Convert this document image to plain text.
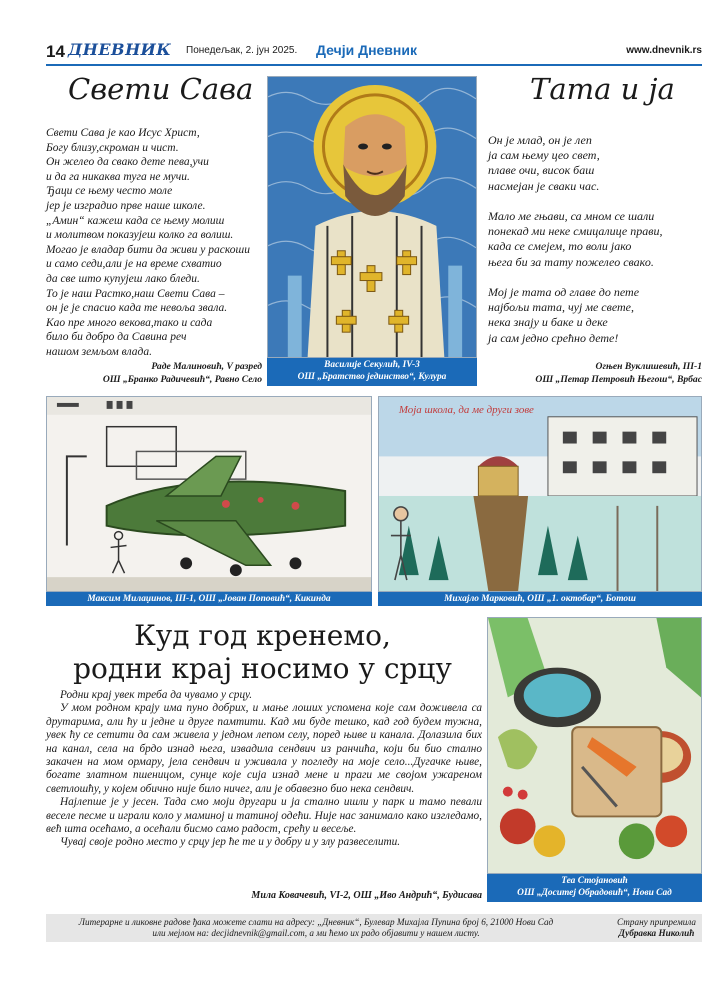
14 ДНЕВНИК Понедељак, 2. јун 2025. Дечји Дневник	www.dnevnik.rs
Свети Сава
Свети Сава је као Исус Христ,
Богу близу,скроман и чист.
Он желео да свако дете пева,учи
и да га никаква туга не мучи.
Ђаци се њему често моле
јер је изградио прве наше школе.
„Амин“ кажеш када се њему молиш
и молитвом показујеш колко га волиш.
Могао је владар бити да живи у раскоши
и само седи,али је на време схватио
да све што купујеш лако бледи.
То је наш Растко,наш Свети Сава –
он је је спасио када те невоља звала.
Као пре много векова,тако и сада
било би добро да Савина реч
нашом земљом влада.
Раде Малиновић, V разред
ОШ „Бранко Радичевић“, Равно Село
Василије Секулић, IV-3
ОШ „Братство јединство“, Кулура
Тата и ја
Он је млад, он је леп
ја сам њему цео свет,
плаве очи, висок баш
насмејан је сваки час.

Мало ме гњави, са мном се шали
понекад ми неке смицалице прави,
када се смејем, то воли јако
њега би за тату пожелео свако.

Мој је тата од главе до пете
најбољи тата, чуј ме свете,
нека знају и баке и деке
ја сам једно срећно дете!
Огњен Вуклишевић, III-1
ОШ „Петар Петровић Његош“, Врбас
Максим Милаџинов, III-1, ОШ „Јован Поповић“, Кикинда
Моја школа, да ме други зове
Михајло Марковић, ОШ „1. октобар“, Ботош
Куд год кренемо,
родни крај носимо у срцу

Родни крај увек треба да чувамо у срцу.

У мом родном крају има пуно добрих, и мање лоших успомена које сам доживела са друтарима, али ћу и једне и друге памтити. Кад ми буде тешко, кад год будем тужна, увек ћу се сетити да сам живела у једном лепом селу, поред њиве и канала. Долазила бих на канал, села на брдо изнад њега, извадила сендвич из ранчића, који би био стално закачен на мом ормару, јела сендвич и уживала у погледу на моје село...Дугачке њиве, богате златном пшеницом, сунце које сија изнад мене и праги ме својом ужареном светлошћу, у којем обично није било ничег, али је обавезно био нека сендвич.

Најлепше је у јесен. Тада смо моји другари и ја стално ишли у парк и тамо певали веселе песме и играли коло у маминој и татиној одећи. Није нас занимало како изгледамо, већ шта осећамо, а осећали бисмо само радост, срећу и весеље.

Чувај своје родно место у срцу јер ће те и у добру и у злу развеселити.

Мила Ковачевић, VI-2, ОШ „Иво Андрић“, Будисава
Теа Стојановић
ОШ „Доситеј Обрадовић“, Нови Сад
Литерарне и ликовне радове ђака можете слати на адресу: „Дневник“, Булевар Михајла Пупина број 6, 21000 Нови Сад
или мејлом на: decjidnevnik@gmail.com, а ми ћемо их радо објавити у нашем листу.
Страну припремила
Дубравка Николић
